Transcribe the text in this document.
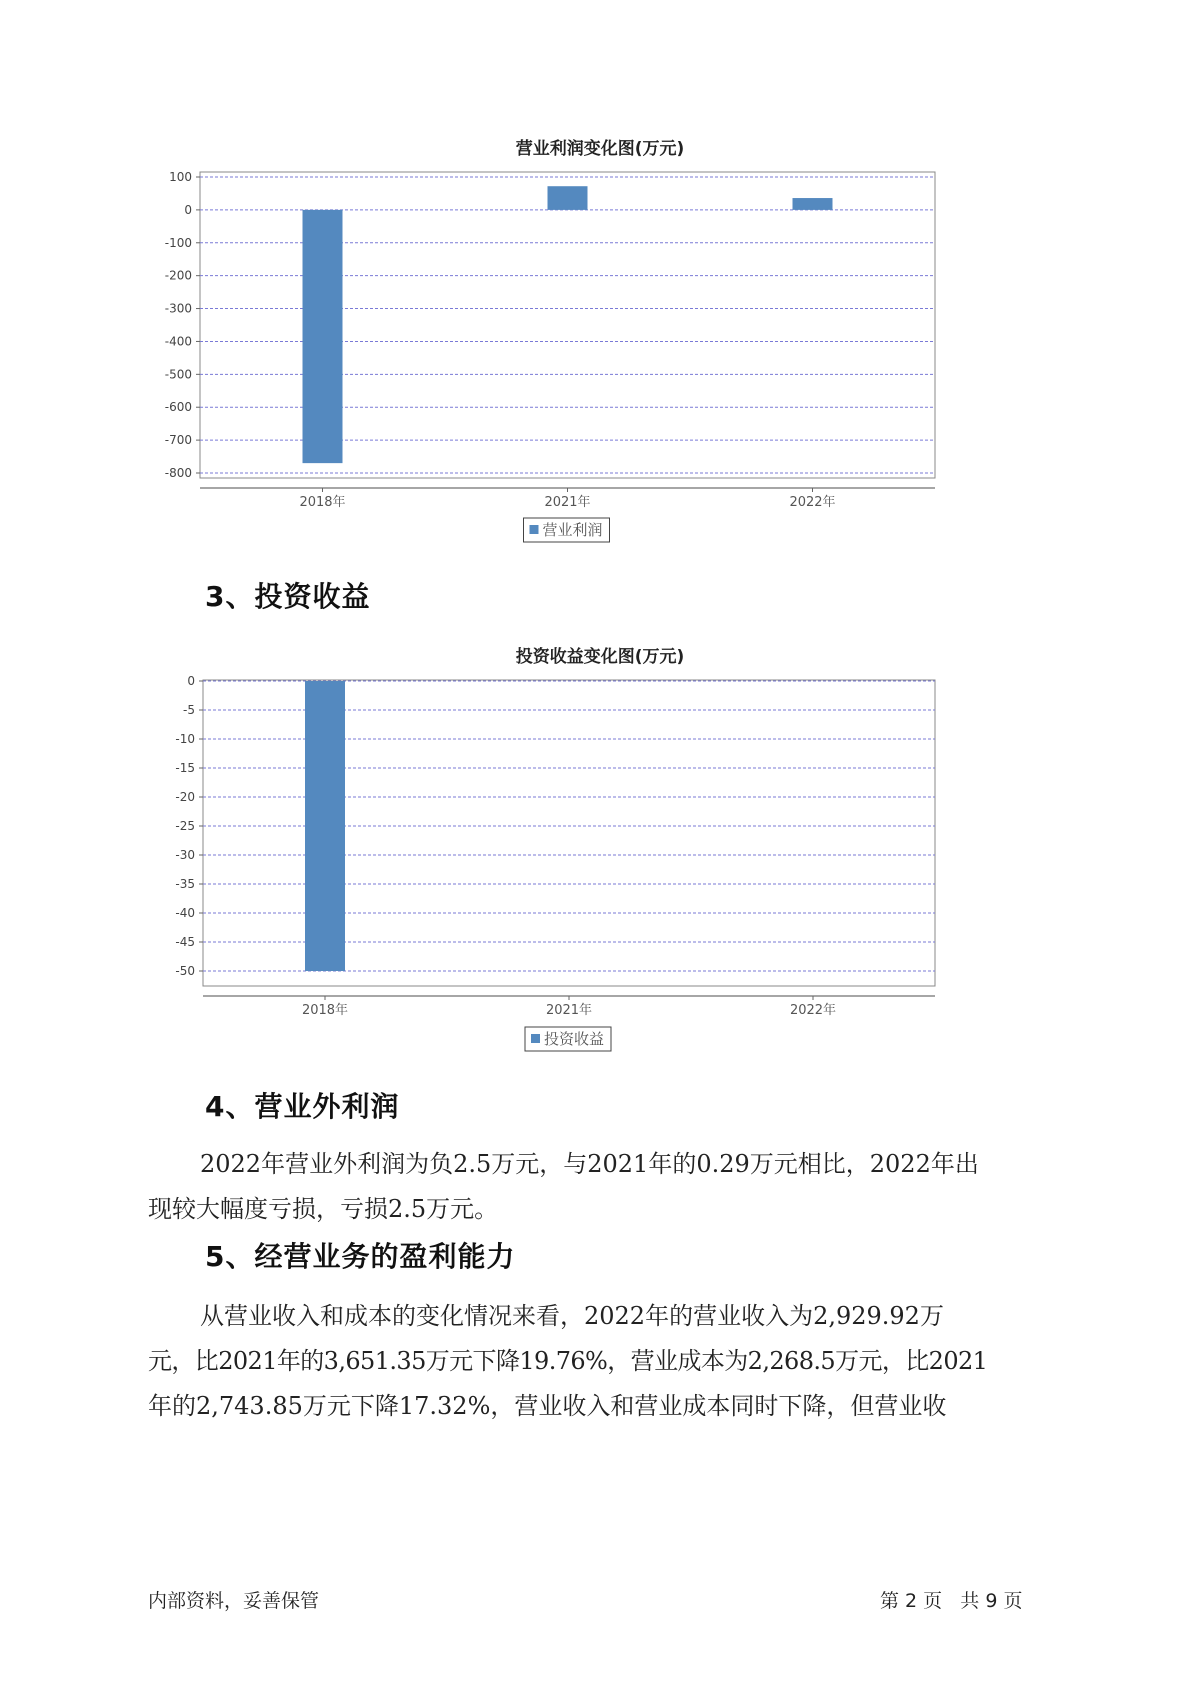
营业利润变化图(万元)
100
0
-100
-200
-300
-400
-500
-600
-700
-800
2018年	2021年	2022年
营业利润
3、投资收益
投资收益变化图(万元)
0
-5
-10
-15
-20
-25
-30
-35
-40
-45
-50
2018年	2021年	2022年
投资收益
4、营业外利润
2022年营业外利润为负2.5万元，与2021年的0.29万元相比，2022年出
现较大幅度亏损，亏损2.5万元。
5、经营业务的盈利能力
从营业收入和成本的变化情况来看，2022年的营业收入为2,929.92万
元，比2021年的3,651.35万元下降19.76%，营业成本为2,268.5万元，比2021
年的2,743.85万元下降17.32%，营业收入和营业成本同时下降，但营业收
内部资料，妥善保管	第 2 页   共 9 页
